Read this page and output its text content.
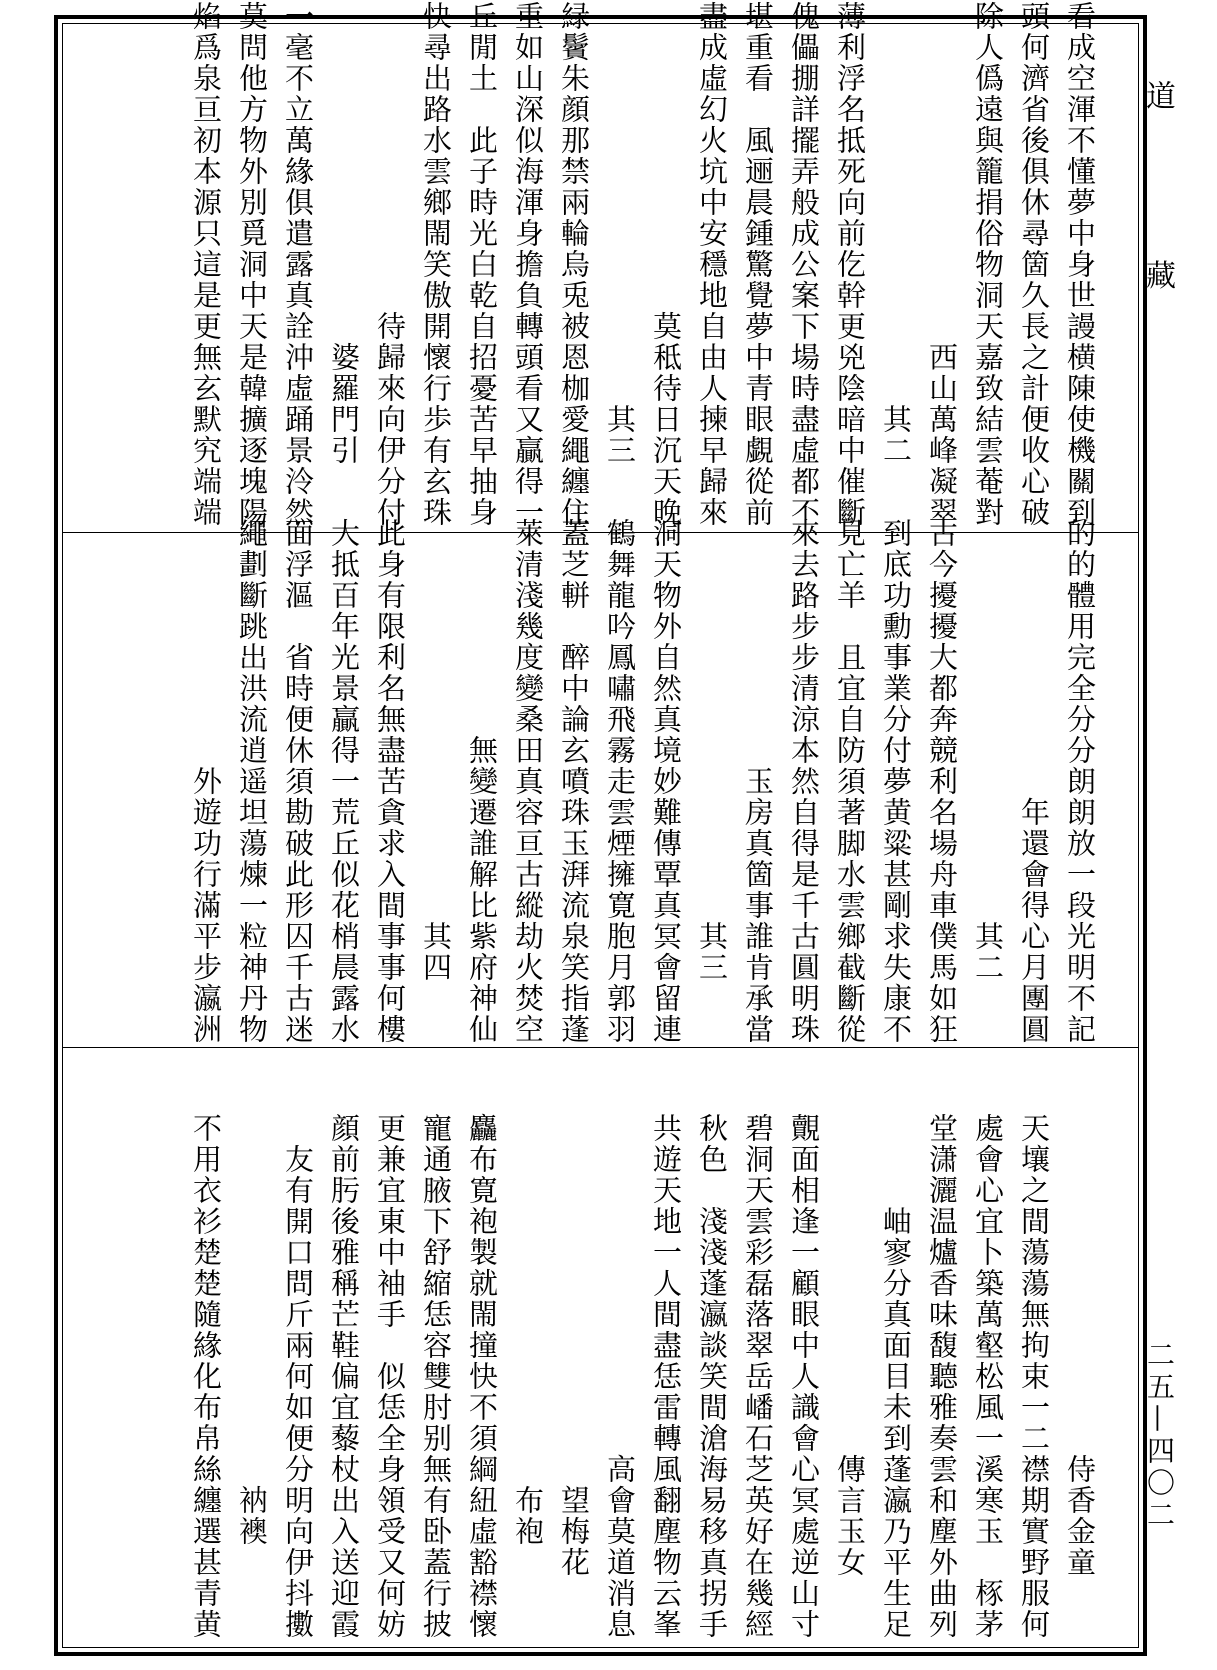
道 藏
二五—四〇二
看成空渾不懂夢中身世謾横陳使機關到
頭何濟省後俱休尋箇久長之計便收心破
除人僞遠與籠捐俗物洞天嘉致結雲菴對
西山萬峰凝翠
　　其二
薄利浮名抵死向前仡幹更兇陰暗中催斷
傀儡掤詳擺弄般成公案下場時盡虛都不
堪重看　風逦晨鍾驚覺夢中青眼覷從前
盡成虛幻火坑中安穩地自由人揀早歸來
莫秪待日沉天晚
　　其三
緑鬢朱顔那禁兩輪烏兎被恩枷愛繩纏住
重如山深似海渾身擔負轉頭看又贏得一
丘閒土　此子時光白乾自招憂苦早抽身
快尋出路水雲鄉閙笑傲開懷行歩有玄珠
待歸來向伊分付
　　婆羅門引
一毫不立萬緣俱遣露真詮沖虛踊景泠然
莫問他方物外別覓洞中天是韓擴逐塊陽
焰爲泉亘初本源只這是更無玄默究端端
的的體用完全分分朗朗放一段光明不記
年還會得心月團圓
　　其二
古今擾擾大都奔競利名場舟車僕馬如狂
到底功勳事業分付夢黄粱甚剛求失康不
見亡羊　且宜自防須著脚水雲鄉截斷從
來去路步步清涼本然自得是千古圓明珠
玉房真箇事誰肯承當
　　其三
洞天物外自然真境妙難傳覃真冥會留連
鶴舞龍吟鳳嘯飛霧走雲煙擁寛胞月郭羽
蓋芝軿　醉中論玄噴珠玉湃流泉笑指蓬
萊清淺幾度變桑田真容亘古縱劫火焚空
無變遷誰解比紫府神仙
　　其四
此身有限利名無盡苦貪求入間事事何樓
大抵百年光景贏得一荒丘似花梢晨露水
面浮漚　省時便休須勘破此形囚千古迷
繩劃斷跳出洪流逍遥坦蕩煉一粒神丹物
外遊功行滿平步瀛洲
　　侍香金童
天壤之間蕩蕩無拘束一二襟期實野服何
處會心宜卜築萬壑松風一溪寒玉　㭬茅
堂潇灑温爐香味馥聽雅奏雲和塵外曲列
岫寥分真面目未到蓬瀛乃平生足
　　傳言玉女
覿面相逢一顧眼中人識會心冥處逆山寸
碧洞天雲彩磊落翠岳嶓石芝英好在幾經
秋色　淺淺蓬瀛談笑間滄海易移真拐手
共遊天地一人間盡恁雷轉風翻塵物云峯
高會莫道消息
　　望梅花
　　　布袍
麤布寛袍製就閙撞快不須綱紐虛豁襟懷
寵通腋下舒縮恁容雙肘别無有卧蓋行披
更兼宜東中袖手　似恁全身領受又何妨
顔前肟後雅稱芒鞋偏宜藜杖出入送迎霞
友有開口問斤兩何如便分明向伊抖擻
　　　衲襖
不用衣衫楚楚隨緣化布帛絲纏選甚青黄
